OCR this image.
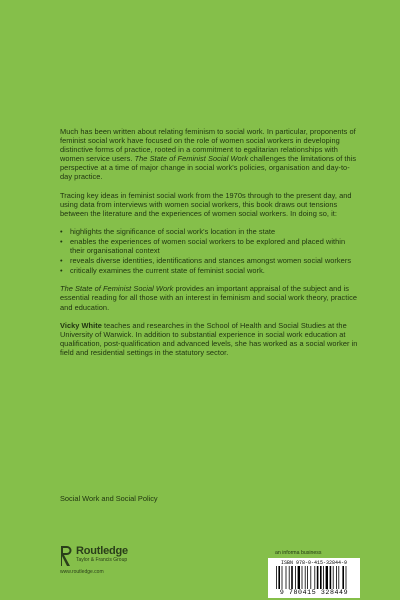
Much has been written about relating feminism to social work. In particular, proponents of feminist social work have focused on the role of women social workers in developing distinctive forms of practice, rooted in a commitment to egalitarian relationships with women service users. The State of Feminist Social Work challenges the limitations of this perspective at a time of major change in social work's policies, organisation and day-to-day practice.

Tracing key ideas in feminist social work from the 1970s through to the present day, and using data from interviews with women social workers, this book draws out tensions between the literature and the experiences of women social workers. In doing so, it:

• highlights the significance of social work's location in the state
• enables the experiences of women social workers to be explored and placed within their organisational context
• reveals diverse identities, identifications and stances amongst women social workers
• critically examines the current state of feminist social work.

The State of Feminist Social Work provides an important appraisal of the subject and is essential reading for all those with an interest in feminism and social work theory, practice and education.

Vicky White teaches and researches in the School of Health and Social Studies at the University of Warwick. In addition to substantial experience in social work education at qualification, post-qualification and advanced levels, she has worked as a social worker in field and residential settings in the statutory sector.

Social Work and Social Policy
Routledge
Taylor & Francis Group
www.routledge.com
an informa business
ISBN 978-0-415-32844-9
9 780415 328449
